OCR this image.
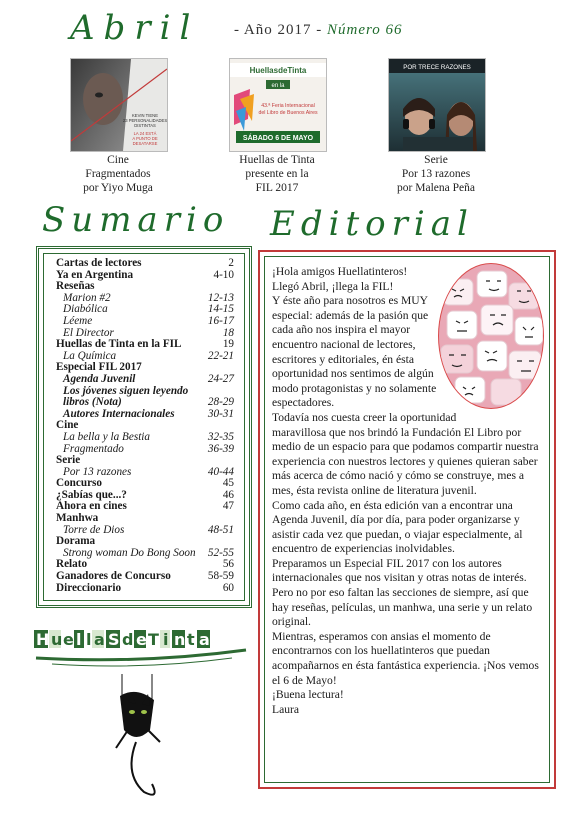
Abril - Año 2017 - Número 66
KEVIN TIENE
23 PERSONALIDADES
DISTINTAS
LA 24 ESTÁ
A PUNTO DE
DESATARSE
HuellasdeTinta
en la
43.ª Feria Internacional
del Libro de Buenos Aires
SÁBADO 6 DE MAYO
POR TRECE RAZONES
Cine
Fragmentados
por Yiyo Muga
Huellas de Tinta
presente en la
FIL 2017
Serie
Por 13 razones
por Malena Peña
Sumario
Cartas de lectores	2
Ya en Argentina	4-10
Reseñas
Marion #2	12-13
Diabólica	14-15
Léeme	16-17
El Director	18
Huellas de Tinta en la FIL	19
La Química	22-21
Especial FIL 2017
Agenda Juvenil	24-27
Los jóvenes siguen leyendo
libros (Nota)	28-29
Autores Internacionales	30-31
Cine
La bella y la Bestia	32-35
Fragmentado	36-39
Serie
Por 13 razones	40-44
Concurso	45
¿Sabías que...?	46
Ahora en cines	47
Manhwa
Torre de Dios	48-51
Dorama
Strong woman Do Bong Soon 52-55
Relato	56
Ganadores de Concurso	58-59
Direccionario	60
H u e l l a S d e T i n t a
Editorial

¡Hola amigos Huellatinteros!

Llegó Abril, ¡llega la FIL!

Y éste año para nosotros es MUY especial: además de la pasión que cada año nos inspira el mayor encuentro nacional de lectores, escritores y editoriales, én ésta oportunidad nos sentimos de algún modo protagonistas y no solamente espectadores.

Todavía nos cuesta creer la oportunidad maravillosa que nos brindó la Fundación El Libro por medio de un espacio para que podamos compartir nuestra experiencia con nuestros lectores y quienes quieran saber más acerca de cómo nació y cómo se construye, mes a mes, ésta revista online de literatura juvenil.

Como cada año, en ésta edición van a encontrar una Agenda Juvenil, día por día, para poder organizarse y asistir cada vez que puedan, o viajar especialmente, al encuentro de experiencias inolvidables.

Preparamos un Especial FIL 2017 con los autores internacionales que nos visitan y otras notas de interés.

Pero no por eso faltan las secciones de siempre, así que hay reseñas, películas, un manhwa, una serie y un relato original.

Mientras, esperamos con ansias el momento de encontrarnos con los huellatinteros que puedan acompañarnos en ésta fantástica experiencia. ¡Nos vemos el 6 de Mayo!

¡Buena lectura!

Laura
